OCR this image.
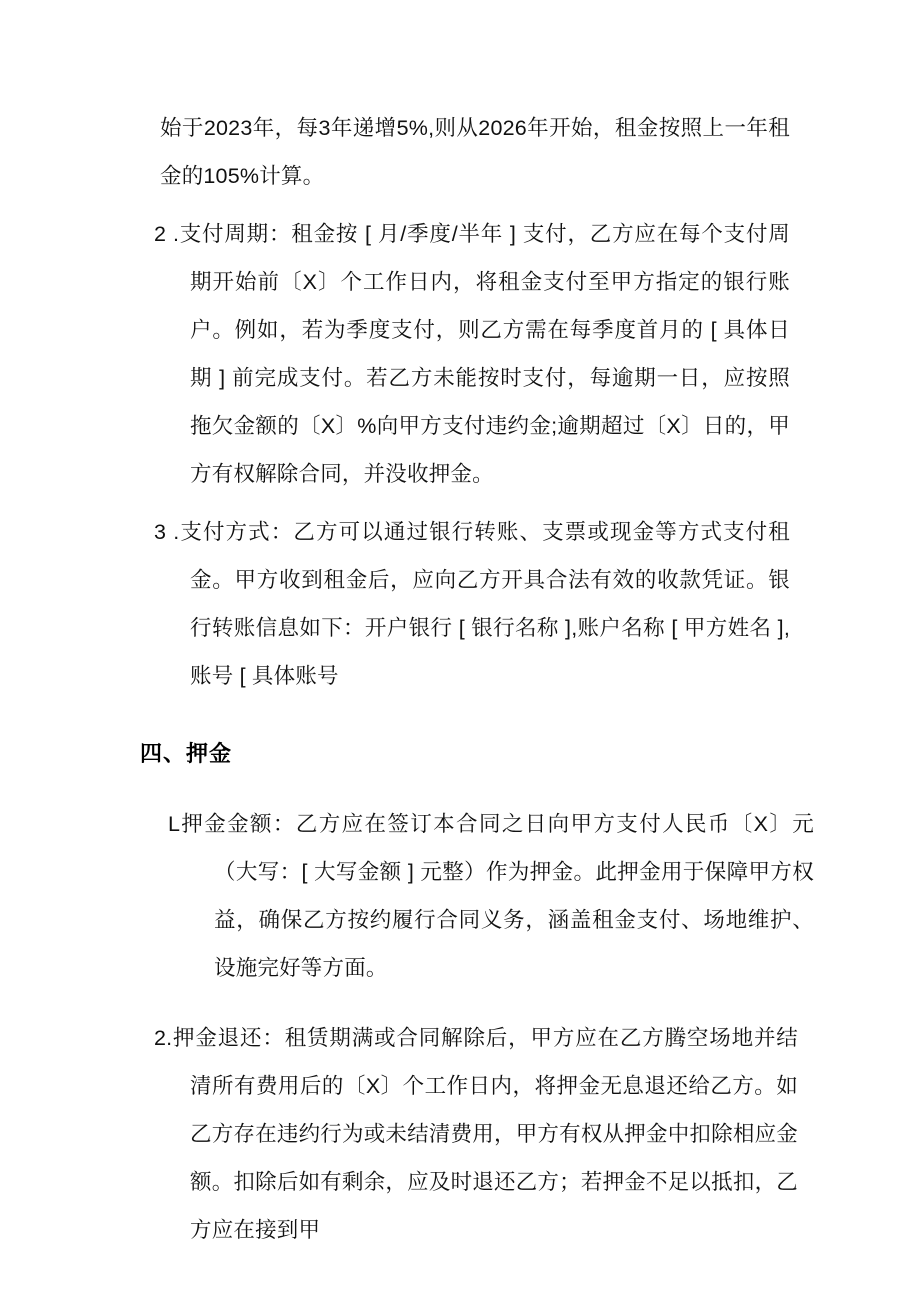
始于2023年，每3年递增5%,则从2026年开始，租金按照上一年租金的105%计算。

2 .支付周期：租金按 [ 月/季度/半年 ] 支付，乙方应在每个支付周期开始前〔X〕个工作日内，将租金支付至甲方指定的银行账户。例如，若为季度支付，则乙方需在每季度首月的 [ 具体日期 ] 前完成支付。若乙方未能按时支付，每逾期一日，应按照拖欠金额的〔X〕%向甲方支付违约金;逾期超过〔X〕日的，甲方有权解除合同，并没收押金。

3 .支付方式：乙方可以通过银行转账、支票或现金等方式支付租金。甲方收到租金后，应向乙方开具合法有效的收款凭证。银行转账信息如下：开户银行 [ 银行名称 ],账户名称 [ 甲方姓名 ],账号 [ 具体账号

四、押金

L押金金额：乙方应在签订本合同之日向甲方支付人民币〔X〕元（大写：[ 大写金额 ] 元整）作为押金。此押金用于保障甲方权益，确保乙方按约履行合同义务，涵盖租金支付、场地维护、设施完好等方面。

2.押金退还：租赁期满或合同解除后，甲方应在乙方腾空场地并结清所有费用后的〔X〕个工作日内，将押金无息退还给乙方。如乙方存在违约行为或未结清费用，甲方有权从押金中扣除相应金额。扣除后如有剩余，应及时退还乙方；若押金不足以抵扣，乙方应在接到甲
